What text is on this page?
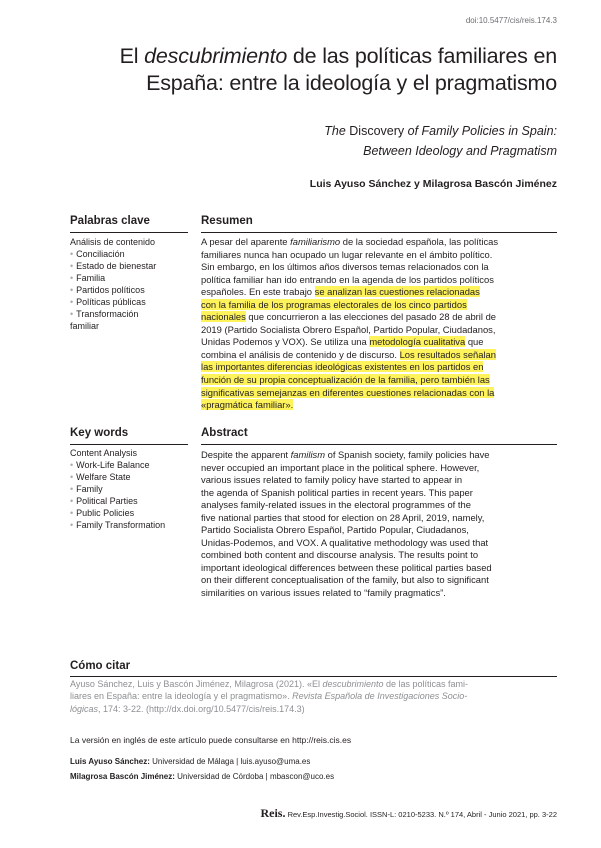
doi:10.5477/cis/reis.174.3
El descubrimiento de las políticas familiares en
España: entre la ideología y el pragmatismo
The Discovery of Family Policies in Spain:
Between Ideology and Pragmatism
Luis Ayuso Sánchez y Milagrosa Bascón Jiménez
Palabras clave
Análisis de contenido
• Conciliación
• Estado de bienestar
• Familia
• Partidos políticos
• Políticas públicas
• Transformación
familiar
Resumen
A pesar del aparente familiarismo de la sociedad española, las políticas
familiares nunca han ocupado un lugar relevante en el ámbito político.
Sin embargo, en los últimos años diversos temas relacionados con la
política familiar han ido entrando en la agenda de los partidos políticos
españoles. En este trabajo se analizan las cuestiones relacionadas
con la familia de los programas electorales de los cinco partidos
nacionales que concurrieron a las elecciones del pasado 28 de abril de
2019 (Partido Socialista Obrero Español, Partido Popular, Ciudadanos,
Unidas Podemos y VOX). Se utiliza una metodología cualitativa que
combina el análisis de contenido y de discurso. Los resultados señalan
las importantes diferencias ideológicas existentes en los partidos en
función de su propia conceptualización de la familia, pero también las
significativas semejanzas en diferentes cuestiones relacionadas con la
«pragmática familiar».
Key words
Content Analysis
• Work-Life Balance
• Welfare State
• Family
• Political Parties
• Public Policies
• Family Transformation
Abstract
Despite the apparent familism of Spanish society, family policies have
never occupied an important place in the political sphere. However,
various issues related to family policy have started to appear in
the agenda of Spanish political parties in recent years. This paper
analyses family-related issues in the electoral programmes of the
five national parties that stood for election on 28 April, 2019, namely,
Partido Socialista Obrero Español, Partido Popular, Ciudadanos,
Unidas-Podemos, and VOX. A qualitative methodology was used that
combined both content and discourse analysis. The results point to
important ideological differences between these political parties based
on their different conceptualisation of the family, but also to significant
similarities on various issues related to “family pragmatics”.
Cómo citar
Ayuso Sánchez, Luis y Bascón Jiménez, Milagrosa (2021). «El descubrimiento de las políticas fami-
liares en España: entre la ideología y el pragmatismo». Revista Española de Investigaciones Socio-
lógicas, 174: 3-22. (http://dx.doi.org/10.5477/cis/reis.174.3)
La versión en inglés de este artículo puede consultarse en http://reis.cis.es
Luis Ayuso Sánchez: Universidad de Málaga | luis.ayuso@uma.es
Milagrosa Bascón Jiménez: Universidad de Córdoba | mbascon@uco.es
Reis. Rev.Esp.Investig.Sociol. ISSN-L: 0210-5233. N.º 174, Abril - Junio 2021, pp. 3-22
